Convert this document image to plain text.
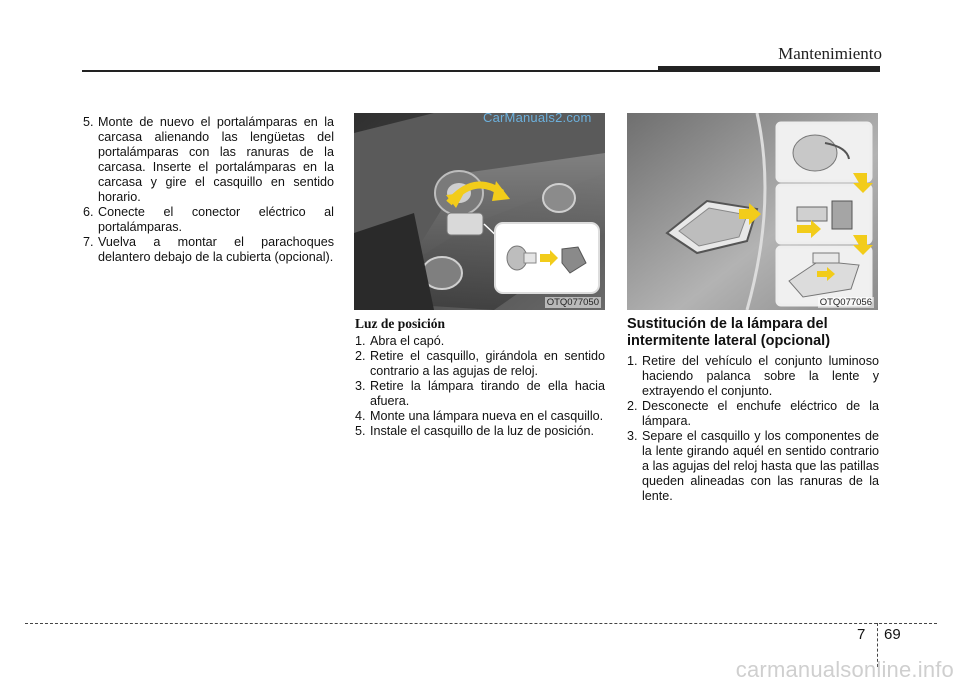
Mantenimiento
5. Monte de nuevo el portalámparas en la carcasa alienando las lengüetas del portalámparas con las ranuras de la carcasa. Inserte el portalámparas en la carcasa y gire el casquillo en sentido horario.
6. Conecte el conector eléctrico al portalámparas.
7. Vuelva a montar el parachoques delantero debajo de la cubierta (opcional).
CarManuals2.com
OTQ077050	OTQ077056
Luz de posición
1. Abra el capó.
2. Retire el casquillo, girándola en sentido contrario a las agujas de reloj.
3. Retire la lámpara tirando de ella hacia afuera.
4. Monte una lámpara nueva en el casquillo.
5. Instale el casquillo de la luz de posición.
Sustitución de la lámpara del intermitente lateral (opcional)
1. Retire del vehículo el conjunto luminoso haciendo palanca sobre la lente y extrayendo el conjunto.
2. Desconecte el enchufe eléctrico de la lámpara.
3. Separe el casquillo y los componentes de la lente girando aquél en sentido contrario a las agujas del reloj hasta que las patillas queden alineadas con las ranuras de la lente.
7 69
carmanualsonline.info
